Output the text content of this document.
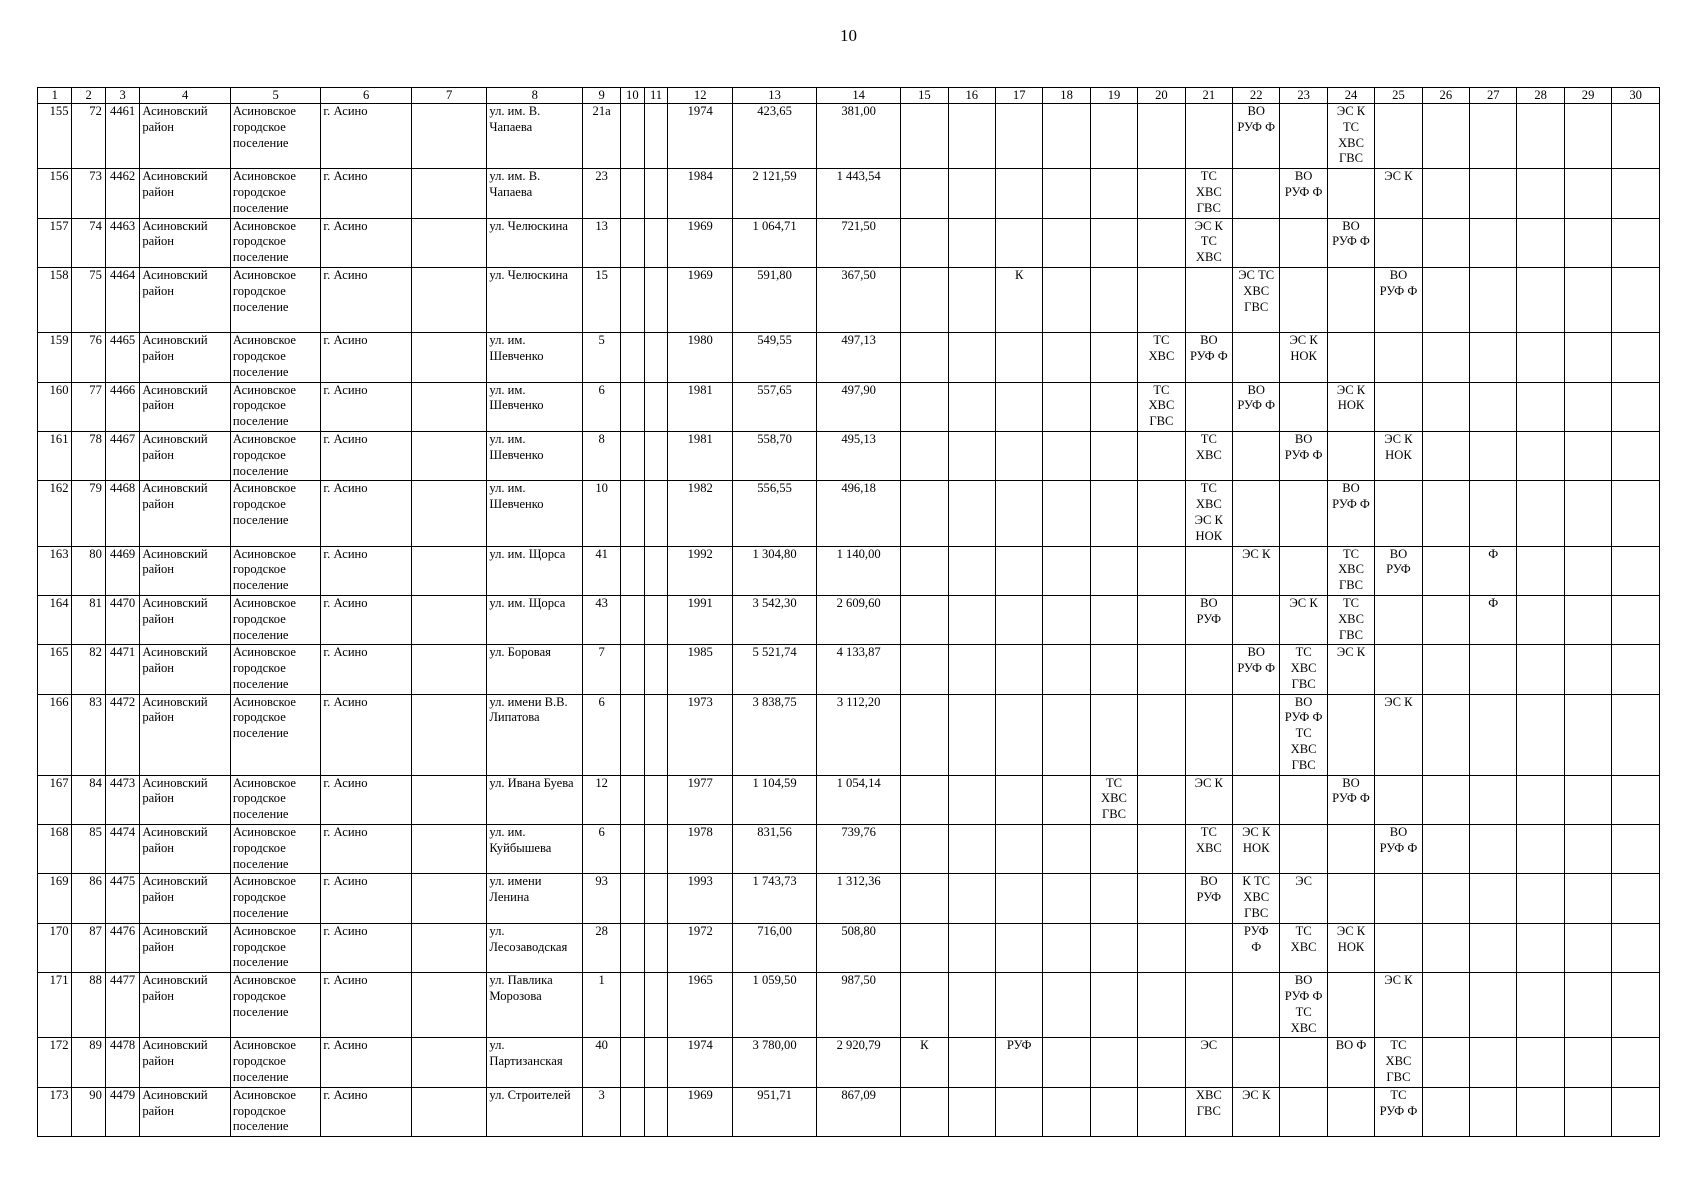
10
1	2	3	4	5	6	7	8	9	10	11	12	13	14	15	16	17	18	19	20	21	22	23	24	25	26	27	28	29	30
155	72	4461	Асиновский
район	Асиновское
городское
поселение	г. Асино		ул. им. В.
Чапаева	21а			1974	423,65	381,00								ВО
РУФ Ф		ЭС К
ТС
ХВС
ГВС						
156	73	4462	Асиновский
район	Асиновское
городское
поселение	г. Асино		ул. им. В.
Чапаева	23			1984	2 121,59	1 443,54							ТС
ХВС
ГВС		ВО
РУФ Ф		ЭС К					
157	74	4463	Асиновский
район	Асиновское
городское
поселение	г. Асино		ул. Челюскина	13			1969	1 064,71	721,50							ЭС К
ТС
ХВС			ВО
РУФ Ф						
158	75	4464	Асиновский
район	Асиновское
городское
поселение	г. Асино		ул. Челюскина	15			1969	591,80	367,50			К					ЭС ТС
ХВС
ГВС			ВО
РУФ Ф					
159	76	4465	Асиновский
район	Асиновское
городское
поселение	г. Асино		ул. им.
Шевченко	5			1980	549,55	497,13						ТС
ХВС	ВО
РУФ Ф		ЭС К
НОК							
160	77	4466	Асиновский
район	Асиновское
городское
поселение	г. Асино		ул. им.
Шевченко	6			1981	557,65	497,90						ТС
ХВС
ГВС		ВО
РУФ Ф		ЭС К
НОК						
161	78	4467	Асиновский
район	Асиновское
городское
поселение	г. Асино		ул. им.
Шевченко	8			1981	558,70	495,13							ТС
ХВС		ВО
РУФ Ф		ЭС К
НОК					
162	79	4468	Асиновский
район	Асиновское
городское
поселение	г. Асино		ул. им.
Шевченко	10			1982	556,55	496,18							ТС
ХВС
ЭС К
НОК			ВО
РУФ Ф						
163	80	4469	Асиновский
район	Асиновское
городское
поселение	г. Асино		ул. им. Щорса	41			1992	1 304,80	1 140,00								ЭС К		ТС
ХВС
ГВС	ВО
РУФ		Ф			
164	81	4470	Асиновский
район	Асиновское
городское
поселение	г. Асино		ул. им. Щорса	43			1991	3 542,30	2 609,60							ВО
РУФ		ЭС К	ТС
ХВС
ГВС			Ф			
165	82	4471	Асиновский
район	Асиновское
городское
поселение	г. Асино		ул. Боровая	7			1985	5 521,74	4 133,87								ВО
РУФ Ф	ТС
ХВС
ГВС	ЭС К						
166	83	4472	Асиновский
район	Асиновское
городское
поселение	г. Асино		ул. имени В.В.
Липатова	6			1973	3 838,75	3 112,20									ВО
РУФ Ф
ТС
ХВС
ГВС		ЭС К					
167	84	4473	Асиновский
район	Асиновское
городское
поселение	г. Асино		ул. Ивана Буева	12			1977	1 104,59	1 054,14					ТС
ХВС
ГВС		ЭС К			ВО
РУФ Ф						
168	85	4474	Асиновский
район	Асиновское
городское
поселение	г. Асино		ул. им.
Куйбышева	6			1978	831,56	739,76							ТС
ХВС	ЭС К
НОК			ВО
РУФ Ф					
169	86	4475	Асиновский
район	Асиновское
городское
поселение	г. Асино		ул. имени
Ленина	93			1993	1 743,73	1 312,36							ВО
РУФ	К ТС
ХВС
ГВС	ЭС							
170	87	4476	Асиновский
район	Асиновское
городское
поселение	г. Асино		ул.
Лесозаводская	28			1972	716,00	508,80								РУФ
Ф	ТС
ХВС	ЭС К
НОК						
171	88	4477	Асиновский
район	Асиновское
городское
поселение	г. Асино		ул. Павлика
Морозова	1			1965	1 059,50	987,50									ВО
РУФ Ф
ТС
ХВС		ЭС К					
172	89	4478	Асиновский
район	Асиновское
городское
поселение	г. Асино		ул.
Партизанская	40			1974	3 780,00	2 920,79	К		РУФ				ЭС			ВО Ф	ТС
ХВС
ГВС					
173	90	4479	Асиновский
район	Асиновское
городское
поселение	г. Асино		ул. Строителей	3			1969	951,71	867,09							ХВС
ГВС	ЭС К			ТС
РУФ Ф					
